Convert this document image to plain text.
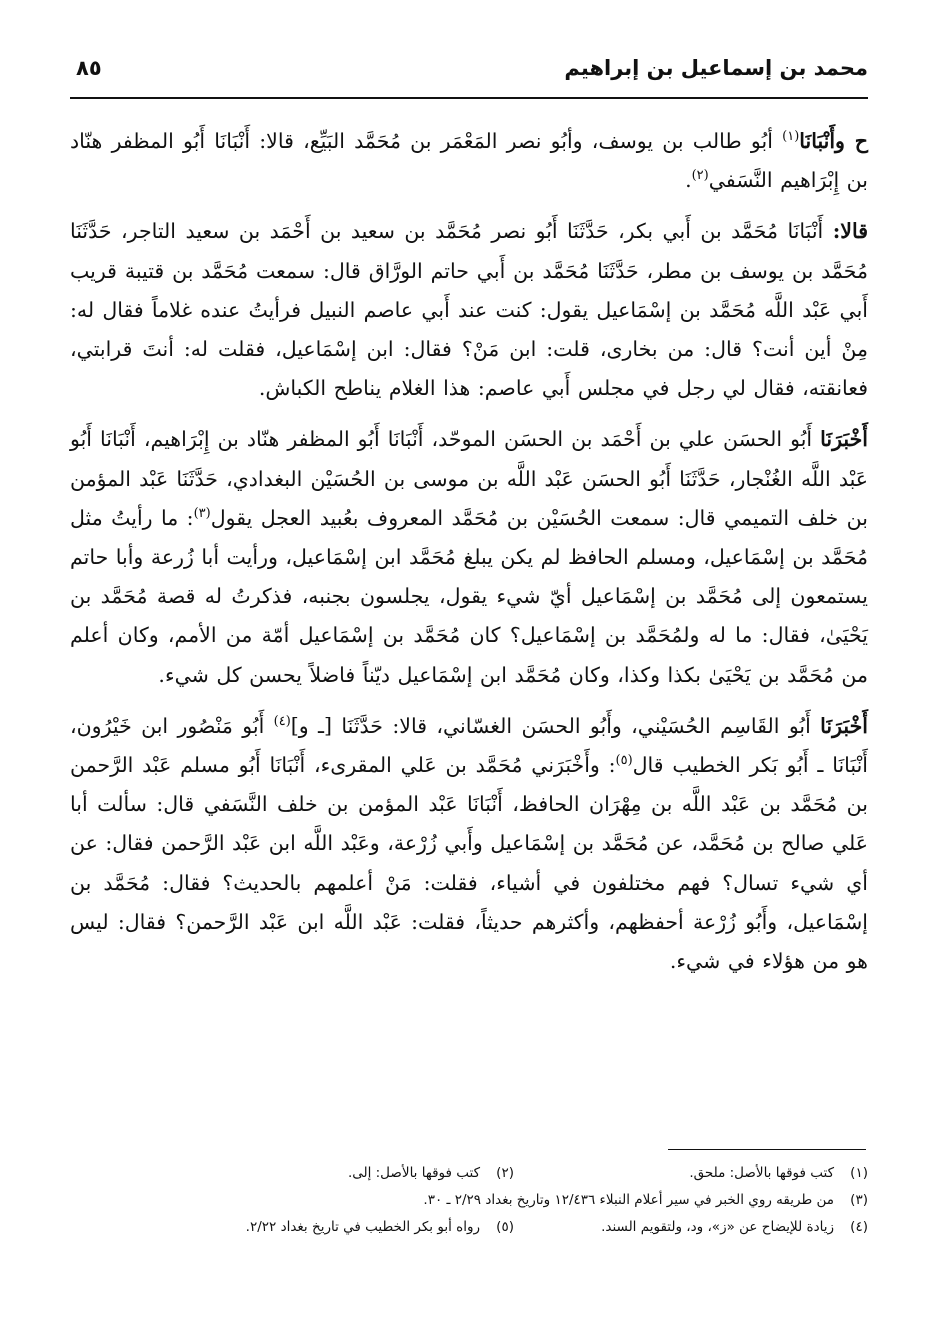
محمد بن إسماعيل بن إبراهيم
٨٥

ح وأَنْبَانَا$^{(١)}$ أبُو طالب بن يوسف، وأبُو نصر المَعْمَر بن مُحَمَّد البَيِّع، قالا: أَنْبَانَا أَبُو المظفر هنّاد بن إِبْرَاهيم النَّسَفي$^{(٢)}$.

قالا: أَنْبَانَا مُحَمَّد بن أَبي بكر، حَدَّثَنَا أَبُو نصر مُحَمَّد بن سعيد بن أَحْمَد بن سعيد التاجر، حَدَّثَنَا مُحَمَّد بن يوسف بن مطر، حَدَّثَنَا مُحَمَّد بن أَبي حاتم الورَّاق قال: سمعت مُحَمَّد بن قتيبة قريب أَبي عَبْد اللَّه مُحَمَّد بن إسْمَاعيل يقول: كنت عند أَبي عاصم النبيل فرأيتُ عنده غلاماً فقال له: مِنْ أين أنت؟ قال: من بخارى، قلت: ابن مَنْ؟ فقال: ابن إسْمَاعيل، فقلت له: أنتَ قرابتي، فعانقته، فقال لي رجل في مجلس أَبي عاصم: هذا الغلام يناطح الكباش.

أَخْبَرَنَا أَبُو الحسَن علي بن أَحْمَد بن الحسَن الموحّد، أَنْبَانَا أَبُو المظفر هنّاد بن إِبْرَاهيم، أَنْبَانَا أَبُو عَبْد اللَّه الغُنْجار، حَدَّثَنَا أَبُو الحسَن عَبْد اللَّه بن موسى بن الحُسَيْن البغدادي، حَدَّثَنَا عَبْد المؤمن بن خلف التميمي قال: سمعت الحُسَيْن بن مُحَمَّد المعروف بعُبيد العجل يقول$^{(٣)}$: ما رأيتُ مثل مُحَمَّد بن إسْمَاعيل، ومسلم الحافظ لم يكن يبلغ مُحَمَّد ابن إسْمَاعيل، ورأيت أبا زُرعة وأبا حاتم يستمعون إلى مُحَمَّد بن إسْمَاعيل أيّ شيء يقول، يجلسون بجنبه، فذكرتُ له قصة مُحَمَّد بن يَحْيَىٰ، فقال: ما له ولمُحَمَّد بن إسْمَاعيل؟ كان مُحَمَّد بن إسْمَاعيل أمّة من الأمم، وكان أعلم من مُحَمَّد بن يَحْيَىٰ بكذا وكذا، وكان مُحَمَّد ابن إسْمَاعيل ديّناً فاضلاً يحسن كل شيء.

أَخْبَرَنَا أَبُو القَاسِم الحُسَيْني، وأَبُو الحسَن الغسّاني، قالا: حَدَّثَنَا [ـ و]$^{(٤)}$ أَبُو مَنْصُور ابن خَيْرُون، أَنْبَانَا ـ أَبُو بَكر الخطيب قال$^{(٥)}$: وأَخْبَرَني مُحَمَّد بن عَلي المقرىء، أَنْبَانَا أَبُو مسلم عَبْد الرَّحمن بن مُحَمَّد بن عَبْد اللَّه بن مِهْرَان الحافظ، أَنْبَانَا عَبْد المؤمن بن خلف النَّسَفي قال: سألت أبا عَلي صالح بن مُحَمَّد، عن مُحَمَّد بن إسْمَاعيل وأَبي زُرْعة، وعَبْد اللَّه ابن عَبْد الرَّحمن فقال: عن أي شيء تسال؟ فهم مختلفون في أشياء، فقلت: مَنْ أعلمهم بالحديث؟ فقال: مُحَمَّد بن إسْمَاعيل، وأَبُو زُرْعة أحفظهم، وأكثرهم حديثاً، فقلت: عَبْد اللَّه ابن عَبْد الرَّحمن؟ فقال: ليس هو من هؤلاء في شيء.

(١)كتب فوقها بالأصل: ملحق.(٢)كتب فوقها بالأصل: إلى.
(٣)من طريقه روي الخبر في سير أعلام النبلاء ١٢/٤٣٦ وتاريخ بغداد ٢/٢٩ ـ ٣٠.
(٤)زيادة للإيضاح عن «ز»، ود، ولتقويم السند.(٥)رواه أبو بكر الخطيب في تاريخ بغداد ٢/٢٢.
